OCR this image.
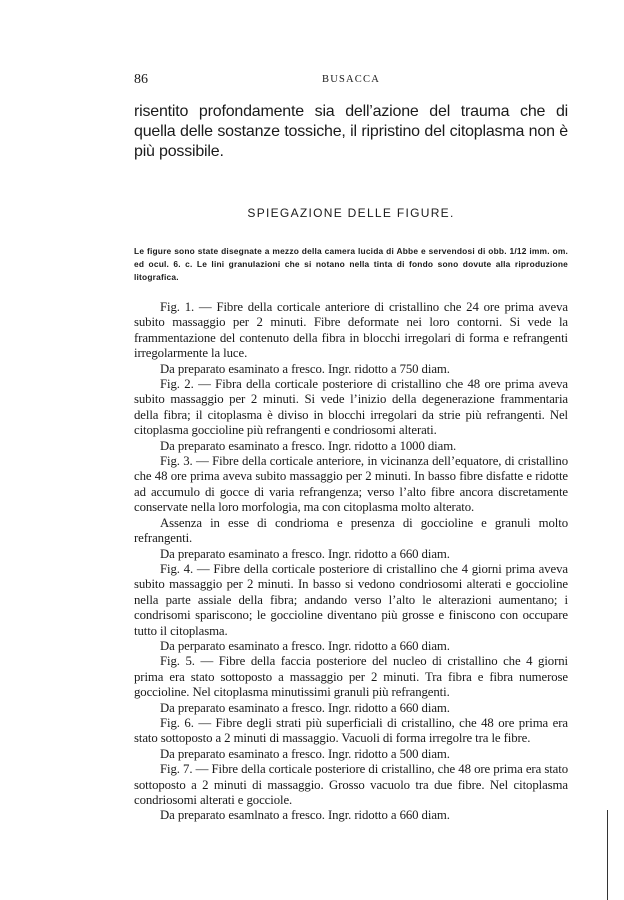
86	BUSACCA

risentito profondamente sia dell’azione del trauma che di quella delle sostanze tossiche, il ripristino del citoplasma non è più possibile.

SPIEGAZIONE DELLE FIGURE.

Le figure sono state disegnate a mezzo della camera lucida di Abbe e servendosi di obb. 1/12 imm. om. ed ocul. 6. c. Le lini granulazioni che si notano nella tinta di fondo sono dovute alla riproduzione litografica.

Fig. 1. — Fibre della corticale anteriore di cristallino che 24 ore prima aveva subito massaggio per 2 minuti. Fibre deformate nei loro contorni. Si vede la frammentazione del contenuto della fibra in blocchi irregolari di forma e refrangenti irregolarmente la luce.

Da preparato esaminato a fresco. Ingr. ridotto a 750 diam.

Fig. 2. — Fibra della corticale posteriore di cristallino che 48 ore prima aveva subito massaggio per 2 minuti. Si vede l’inizio della degenerazione frammentaria della fibra; il citoplasma è diviso in blocchi irregolari da strie più refrangenti. Nel citoplasma goccioline più refrangenti e condriosomi alterati.

Da preparato esaminato a fresco. Ingr. ridotto a 1000 diam.

Fig. 3. — Fibre della corticale anteriore, in vicinanza dell’equatore, di cristallino che 48 ore prima aveva subito massaggio per 2 minuti. In basso fibre disfatte e ridotte ad accumulo di gocce di varia refrangenza; verso l’alto fibre ancora discretamente conservate nella loro morfologia, ma con citoplasma molto alterato.

Assenza in esse di condrioma e presenza di goccioline e granuli molto refrangenti.

Da preparato esaminato a fresco. Ingr. ridotto a 660 diam.

Fig. 4. — Fibre della corticale posteriore di cristallino che 4 giorni prima aveva subito massaggio per 2 minuti. In basso si vedono condriosomi alterati e goccioline nella parte assiale della fibra; andando verso l’alto le alterazioni aumentano; i condrisomi spariscono; le goccioline diventano più grosse e finiscono con occupare tutto il citoplasma.

Da perparato esaminato a fresco. Ingr. ridotto a 660 diam.

Fig. 5. — Fibre della faccia posteriore del nucleo di cristallino che 4 giorni prima era stato sottoposto a massaggio per 2 minuti. Tra fibra e fibra numerose goccioline. Nel citoplasma minutissimi granuli più refrangenti.

Da preparato esaminato a fresco. Ingr. ridotto a 660 diam.

Fig. 6. — Fibre degli strati più superficiali di cristallino, che 48 ore prima era stato sottoposto a 2 minuti di massaggio. Vacuoli di forma irregolre tra le fibre.

Da preparato esaminato a fresco. Ingr. ridotto a 500 diam.

Fig. 7. — Fibre della corticale posteriore di cristallino, che 48 ore prima era stato sottoposto a 2 minuti di massaggio. Grosso vacuolo tra due fibre. Nel citoplasma condriosomi alterati e gocciole.

Da preparato esamlnato a fresco. Ingr. ridotto a 660 diam.
